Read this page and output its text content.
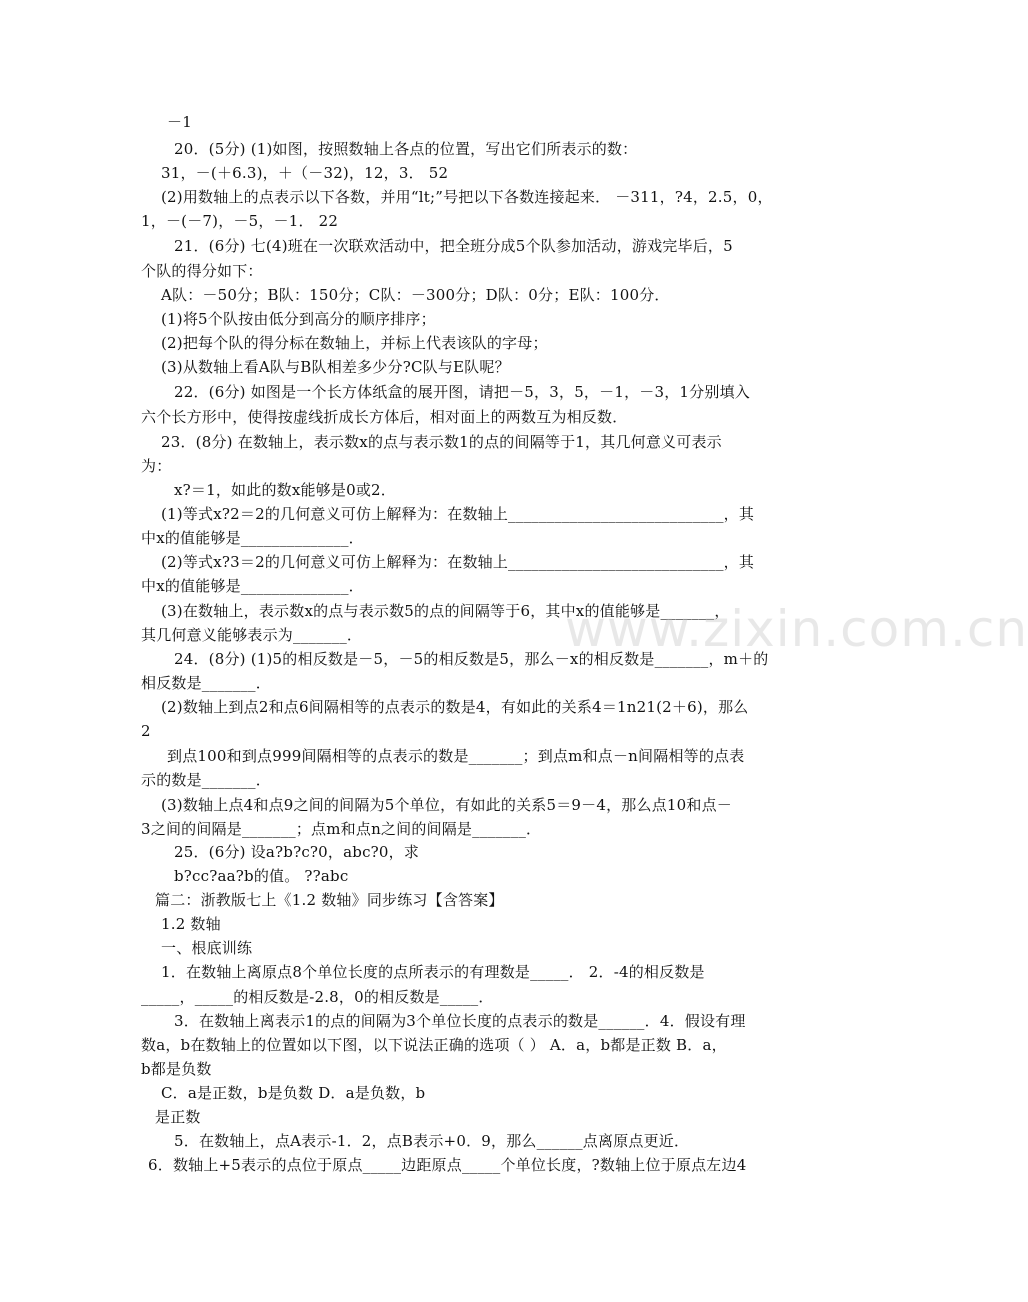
－1

20．(5分) (1)如图，按照数轴上各点的位置，写出它们所表示的数：

31，－(＋6.3)，＋（－32)，12，3． 52

(2)用数轴上的点表示以下各数，并用“lt;”号把以下各数连接起来． －311，?4，2.5，0，

1，－(－7)，－5，－1． 22

21．(6分) 七(4)班在一次联欢活动中，把全班分成5个队参加活动，游戏完毕后，5

个队的得分如下：

A队：－50分；B队：150分；C队：－300分；D队：0分；E队：100分．

(1)将5个队按由低分到高分的顺序排序；

(2)把每个队的得分标在数轴上，并标上代表该队的字母；

(3)从数轴上看A队与B队相差多少分?C队与E队呢？

22．(6分) 如图是一个长方体纸盒的展开图，请把－5，3，5，－1，－3，1分别填入

六个长方形中，使得按虚线折成长方体后，相对面上的两数互为相反数．

23．(8分) 在数轴上，表示数x的点与表示数1的点的间隔等于1，其几何意义可表示

为：

x?＝1，如此的数x能够是0或2．

(1)等式x?2＝2的几何意义可仿上解释为：在数轴上____________________________，其

中x的值能够是______________．

(2)等式x?3＝2的几何意义可仿上解释为：在数轴上____________________________，其

中x的值能够是______________．

(3)在数轴上，表示数x的点与表示数5的点的间隔等于6，其中x的值能够是_______，

其几何意义能够表示为_______．

24．(8分) (1)5的相反数是－5，－5的相反数是5，那么－x的相反数是_______，m＋的

相反数是_______．

(2)数轴上到点2和点6间隔相等的点表示的数是4，有如此的关系4＝1n21(2＋6)，那么

2

到点100和到点999间隔相等的点表示的数是_______；到点m和点－n间隔相等的点表

示的数是_______．

(3)数轴上点4和点9之间的间隔为5个单位，有如此的关系5＝9－4，那么点10和点－

3之间的间隔是_______；点m和点n之间的间隔是_______．

25．(6分) 设a?b?c?0，abc?0，求

b?cc?aa?b的值。 ??abc

篇二：浙教版七上《1.2 数轴》同步练习【含答案】

1.2 数轴

一、根底训练

1．在数轴上离原点8个单位长度的点所表示的有理数是_____． 2．-4的相反数是

_____，_____的相反数是-2.8，0的相反数是_____．

3．在数轴上离表示1的点的间隔为3个单位长度的点表示的数是______．4．假设有理

数a，b在数轴上的位置如以下图，以下说法正确的选项（ ） A．a，b都是正数 B．a，

b都是负数

C．a是正数，b是负数 D．a是负数，b

是正数

5．在数轴上，点A表示-1．2，点B表示+0．9，那么______点离原点更近．

6．数轴上+5表示的点位于原点_____边距原点_____个单位长度，?数轴上位于原点左边4

www.zixin.com.cn
